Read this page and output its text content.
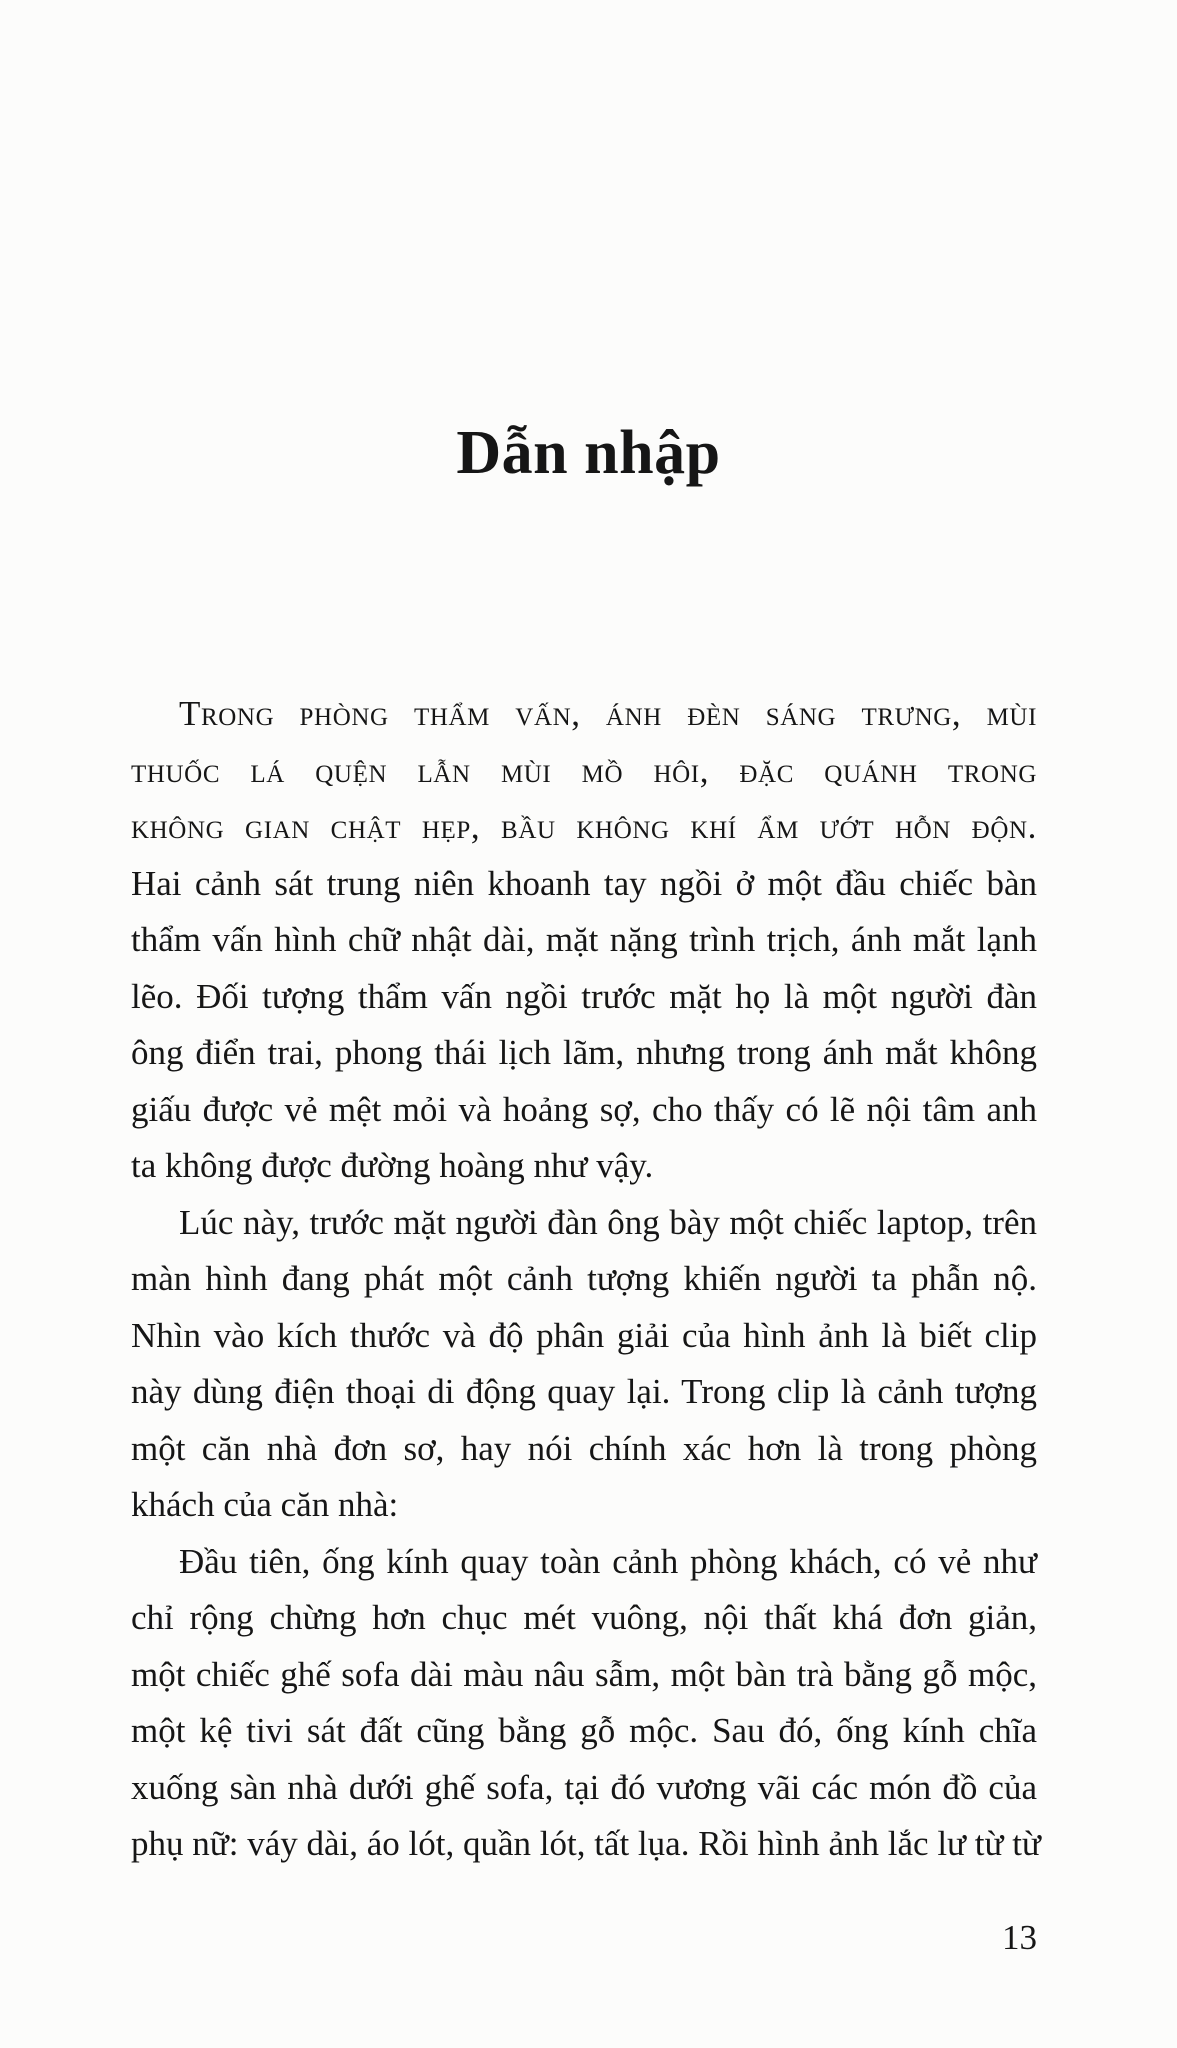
Dẫn nhập
Trong phòng thẩm vấn, ánh đèn sáng trưng, mùi
thuốc lá quện lẫn mùi mồ hôi, đặc quánh trong
không gian chật hẹp, bầu không khí ẩm ướt hỗn độn.
Hai cảnh sát trung niên khoanh tay ngồi ở một đầu chiếc bàn
thẩm vấn hình chữ nhật dài, mặt nặng trình trịch, ánh mắt lạnh
lẽo. Đối tượng thẩm vấn ngồi trước mặt họ là một người đàn
ông điển trai, phong thái lịch lãm, nhưng trong ánh mắt không
giấu được vẻ mệt mỏi và hoảng sợ, cho thấy có lẽ nội tâm anh
ta không được đường hoàng như vậy.
Lúc này, trước mặt người đàn ông bày một chiếc laptop, trên
màn hình đang phát một cảnh tượng khiến người ta phẫn nộ.
Nhìn vào kích thước và độ phân giải của hình ảnh là biết clip
này dùng điện thoại di động quay lại. Trong clip là cảnh tượng
một căn nhà đơn sơ, hay nói chính xác hơn là trong phòng
khách của căn nhà:
Đầu tiên, ống kính quay toàn cảnh phòng khách, có vẻ như
chỉ rộng chừng hơn chục mét vuông, nội thất khá đơn giản,
một chiếc ghế sofa dài màu nâu sẫm, một bàn trà bằng gỗ mộc,
một kệ tivi sát đất cũng bằng gỗ mộc. Sau đó, ống kính chĩa
xuống sàn nhà dưới ghế sofa, tại đó vương vãi các món đồ của
phụ nữ: váy dài, áo lót, quần lót, tất lụa. Rồi hình ảnh lắc lư từ từ
13
